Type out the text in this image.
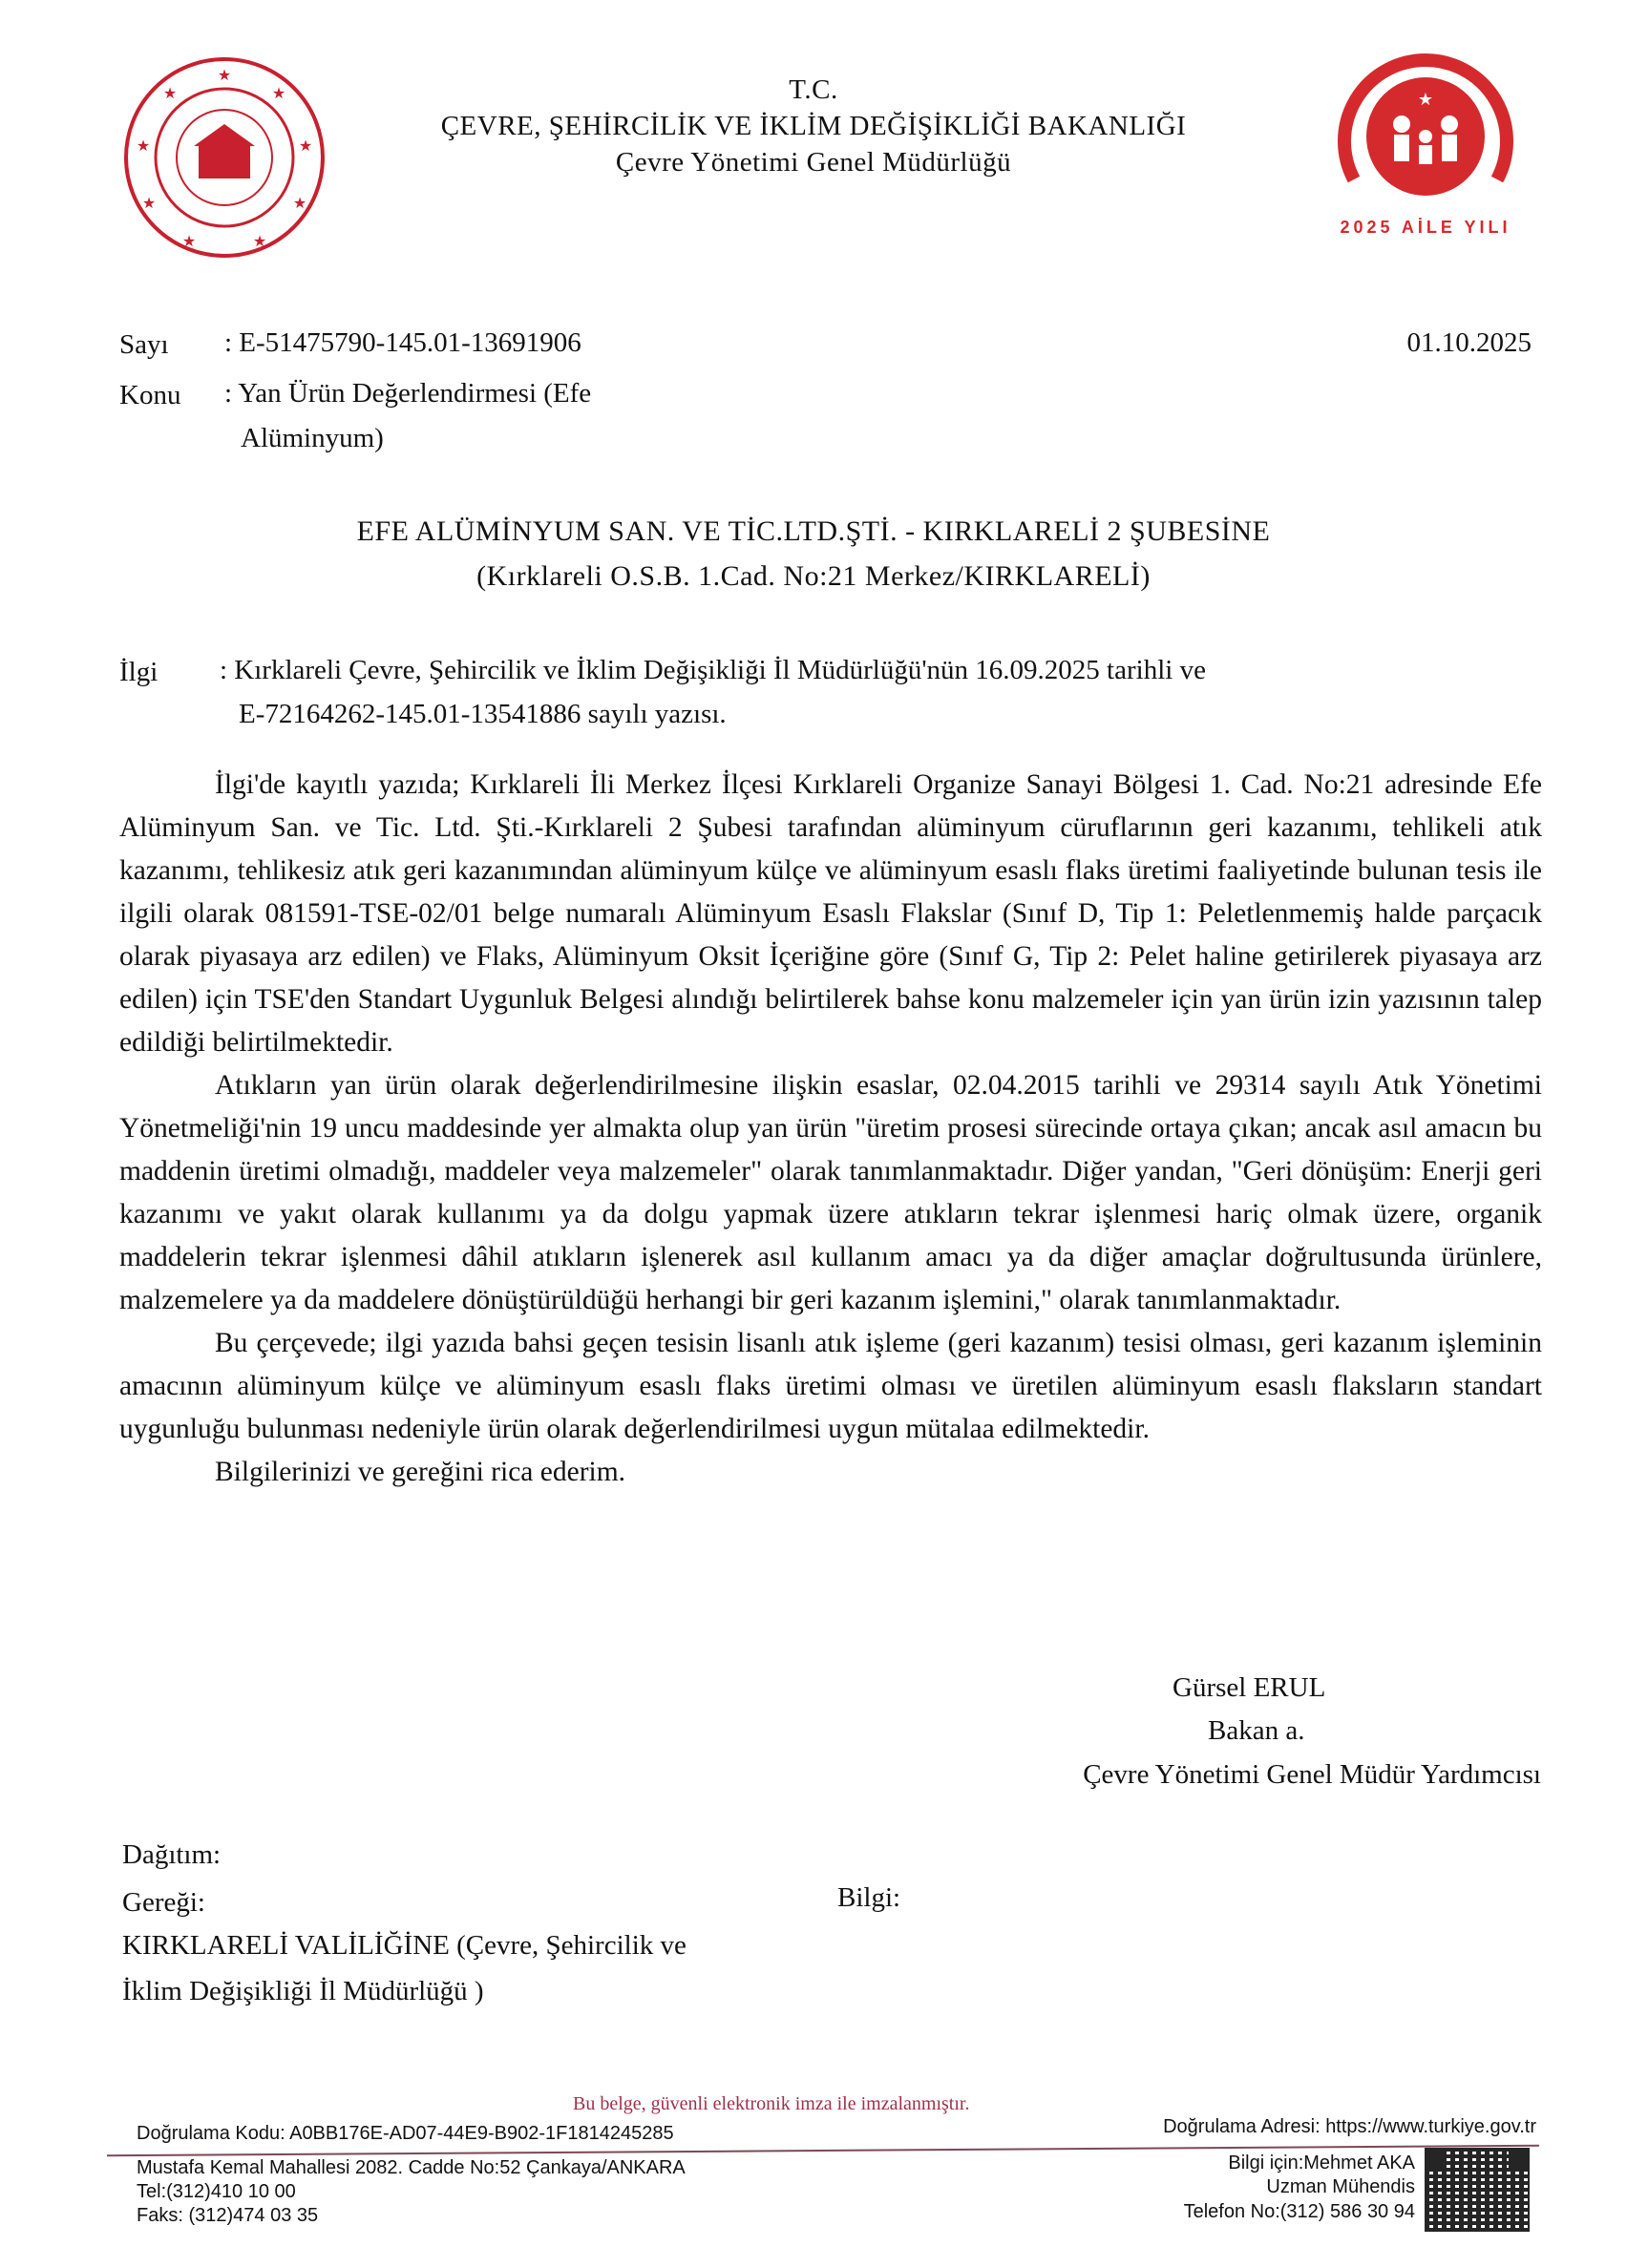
★
★	★
★	★
★	★
★	★
T.C.
ÇEVRE, ŞEHİRCİLİK VE İKLİM DEĞİŞİKLİĞİ BAKANLIĞI
Çevre Yönetimi Genel Müdürlüğü
★
2025 AİLE YILI
Sayı : E-51475790-145.01-13691906	01.10.2025
Konu : Yan Ürün Değerlendirmesi (Efe
Alüminyum)
EFE ALÜMİNYUM SAN. VE TİC.LTD.ŞTİ. - KIRKLARELİ 2 ŞUBESİNE
(Kırklareli O.S.B. 1.Cad. No:21 Merkez/KIRKLARELİ)
İlgi : Kırklareli Çevre, Şehircilik ve İklim Değişikliği İl Müdürlüğü'nün 16.09.2025 tarihli ve
E-72164262-145.01-13541886 sayılı yazısı.

İlgi'de kayıtlı yazıda; Kırklareli İli Merkez İlçesi Kırklareli Organize Sanayi Bölgesi 1. Cad. No:21 adresinde Efe Alüminyum San. ve Tic. Ltd. Şti.-Kırklareli 2 Şubesi tarafından alüminyum cüruflarının geri kazanımı, tehlikeli atık kazanımı, tehlikesiz atık geri kazanımından alüminyum külçe ve alüminyum esaslı flaks üretimi faaliyetinde bulunan tesis ile ilgili olarak 081591-TSE-02/01 belge numaralı Alüminyum Esaslı Flakslar (Sınıf D, Tip 1: Peletlenmemiş halde parçacık olarak piyasaya arz edilen) ve Flaks, Alüminyum Oksit İçeriğine göre (Sınıf G, Tip 2: Pelet haline getirilerek piyasaya arz edilen) için TSE'den Standart Uygunluk Belgesi alındığı belirtilerek bahse konu malzemeler için yan ürün izin yazısının talep edildiği belirtilmektedir.

Atıkların yan ürün olarak değerlendirilmesine ilişkin esaslar, 02.04.2015 tarihli ve 29314 sayılı Atık Yönetimi Yönetmeliği'nin 19 uncu maddesinde yer almakta olup yan ürün "üretim prosesi sürecinde ortaya çıkan; ancak asıl amacın bu maddenin üretimi olmadığı, maddeler veya malzemeler" olarak tanımlanmaktadır. Diğer yandan, "Geri dönüşüm: Enerji geri kazanımı ve yakıt olarak kullanımı ya da dolgu yapmak üzere atıkların tekrar işlenmesi hariç olmak üzere, organik maddelerin tekrar işlenmesi dâhil atıkların işlenerek asıl kullanım amacı ya da diğer amaçlar doğrultusunda ürünlere, malzemelere ya da maddelere dönüştürüldüğü herhangi bir geri kazanım işlemini," olarak tanımlanmaktadır.

Bu çerçevede; ilgi yazıda bahsi geçen tesisin lisanlı atık işleme (geri kazanım) tesisi olması, geri kazanım işleminin amacının alüminyum külçe ve alüminyum esaslı flaks üretimi olması ve üretilen alüminyum esaslı flaksların standart uygunluğu bulunması nedeniyle ürün olarak değerlendirilmesi uygun mütalaa edilmektedir.

Bilgilerinizi ve gereğini rica ederim.

Gürsel ERUL
Bakan a.
Çevre Yönetimi Genel Müdür Yardımcısı
Dağıtım:
Gereği:	Bilgi:
KIRKLARELİ VALİLİĞİNE (Çevre, Şehircilik ve
İklim Değişikliği İl Müdürlüğü )
Bu belge, güvenli elektronik imza ile imzalanmıştır.
Doğrulama Kodu: A0BB176E-AD07-44E9-B902-1F1814245285	Doğrulama Adresi: https://www.turkiye.gov.tr
Mustafa Kemal Mahallesi 2082. Cadde No:52 Çankaya/ANKARA
Tel:(312)410 10 00
Faks: (312)474 03 35
Bilgi için:Mehmet AKA
Uzman Mühendis
Telefon No:(312) 586 30 94
